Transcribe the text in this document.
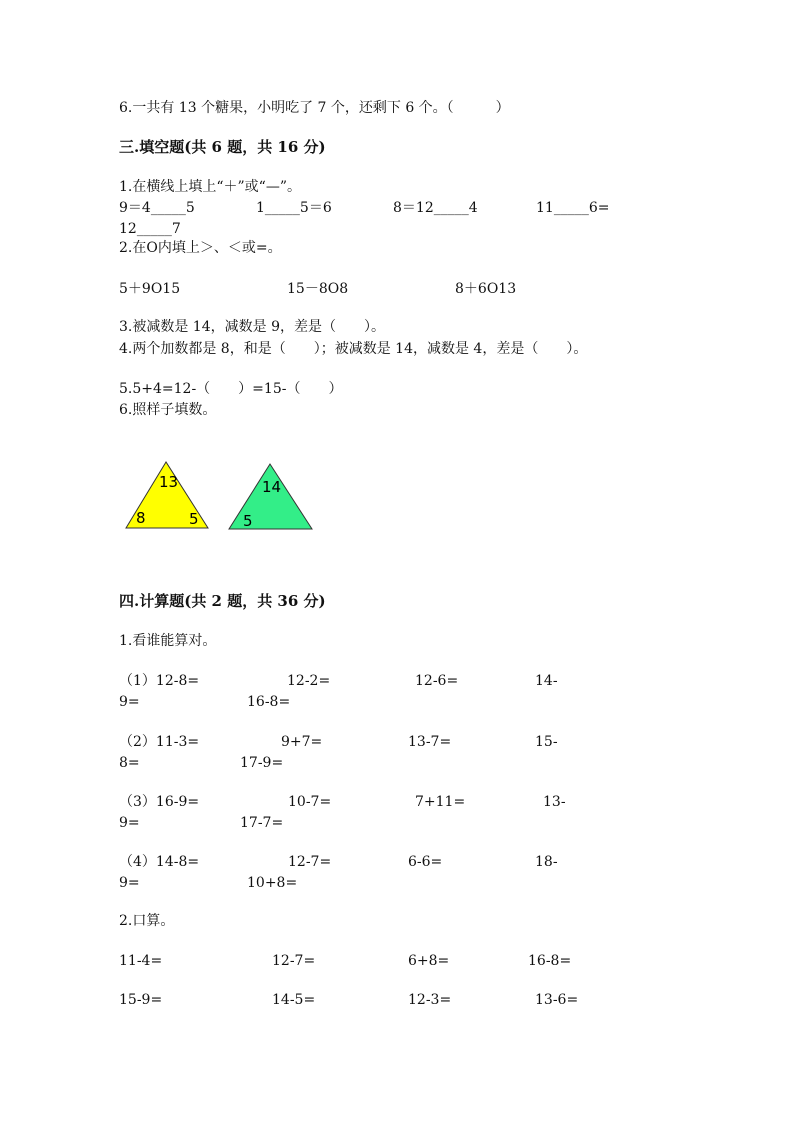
6.一共有 13 个糖果，小明吃了 7 个，还剩下 6 个。（　　　）
三.填空题(共 6 题，共 16 分)
1.在横线上填上“＋”或“—”。
9＝4_____5	1_____5＝6	8＝12_____4	11_____6=
12_____7
2.在O内填上＞、＜或=。
5＋9O15	15－8O8	8＋6O13
3.被减数是 14，减数是 9，差是（　　）。
4.两个加数都是 8，和是（　　）；被减数是 14，减数是 4，差是（　　）。
5.5+4=12-（　　）=15-（　　）
6.照样子填数。
13
8	5
14
5
四.计算题(共 2 题，共 36 分)
1.看谁能算对。
（1）12-8=	12-2=	12-6=	14-
9=	16-8=
（2）11-3=	9+7=	13-7=	15-
8=	17-9=
（3）16-9=	10-7=	7+11=	13-
9=	17-7=
（4）14-8=	12-7=	6-6=	18-
9=	10+8=
2.口算。
11-4=	12-7=	6+8=	16-8=
15-9=	14-5=	12-3=	13-6=
